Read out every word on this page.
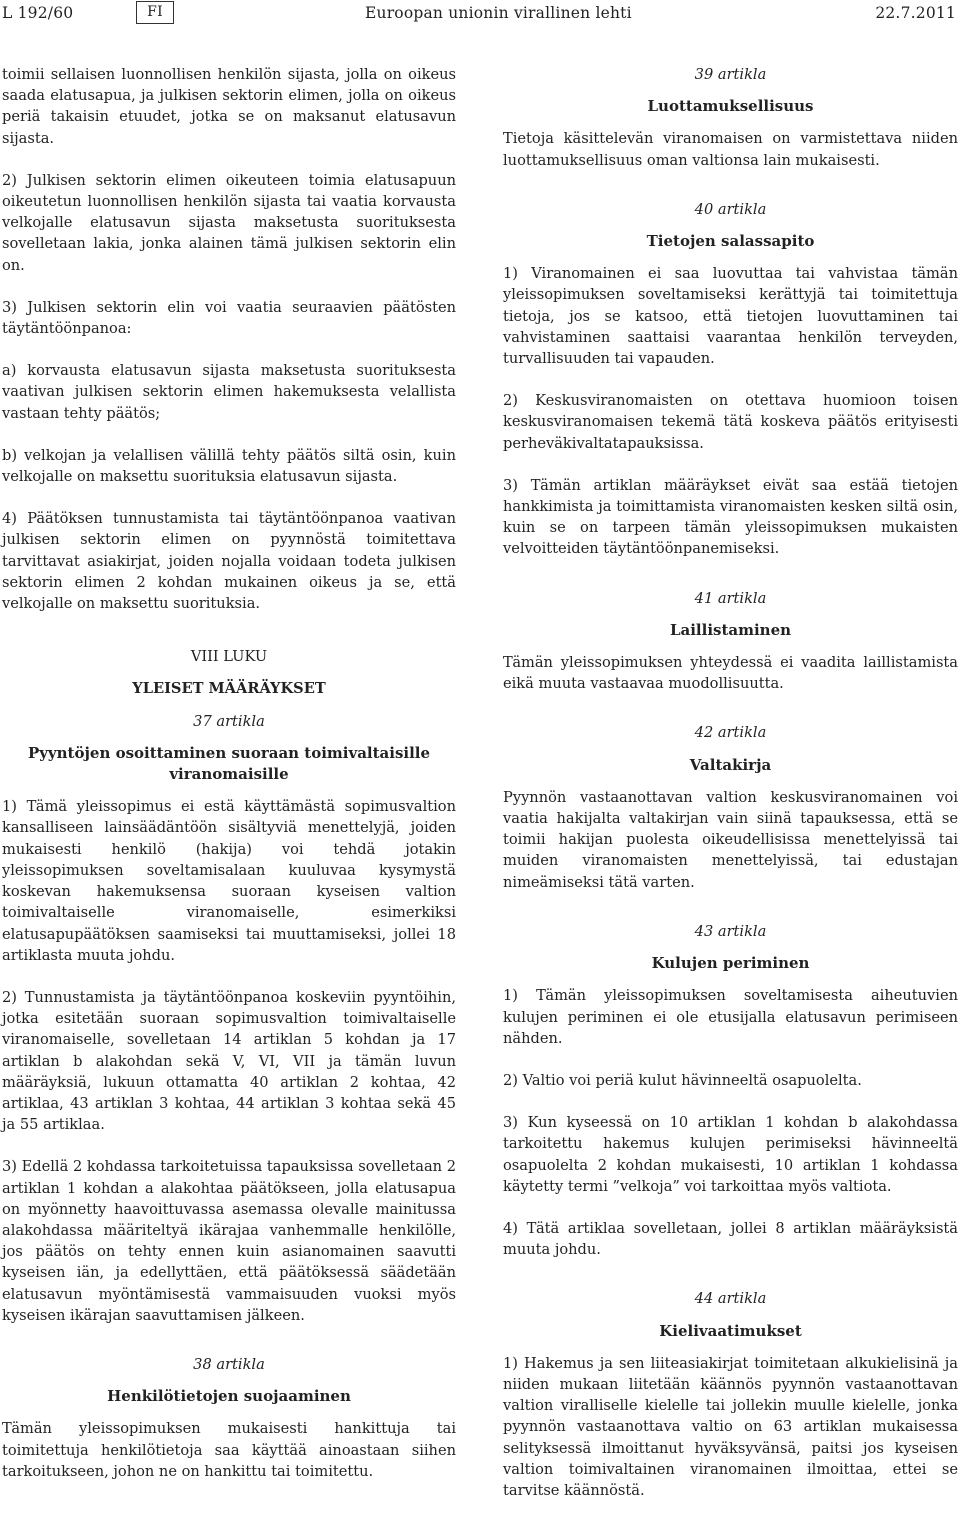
L 192/60	FI	Euroopan unionin virallinen lehti	22.7.2011

toimii sellaisen luonnollisen henkilön sijasta, jolla on oikeus saada elatusapua, ja julkisen sektorin elimen, jolla on oikeus periä takaisin etuudet, jotka se on maksanut elatusavun sijasta.

2) Julkisen sektorin elimen oikeuteen toimia elatusapuun oikeutetun luonnollisen henkilön sijasta tai vaatia korvausta velkojalle elatusavun sijasta maksetusta suorituksesta sovelletaan lakia, jonka alainen tämä julkisen sektorin elin on.

3) Julkisen sektorin elin voi vaatia seuraavien päätösten täytäntöönpanoa:

a) korvausta elatusavun sijasta maksetusta suorituksesta vaativan julkisen sektorin elimen hakemuksesta velallista vastaan tehty päätös;

b) velkojan ja velallisen välillä tehty päätös siltä osin, kuin velkojalle on maksettu suorituksia elatusavun sijasta.

4) Päätöksen tunnustamista tai täytäntöönpanoa vaativan julkisen sektorin elimen on pyynnöstä toimitettava tarvittavat asiakirjat, joiden nojalla voidaan todeta julkisen sektorin elimen 2 kohdan mukainen oikeus ja se, että velkojalle on maksettu suorituksia.

VIII LUKU
YLEISET MÄÄRÄYKSET
37 artikla
Pyyntöjen osoittaminen suoraan toimivaltaisille viranomaisille

1) Tämä yleissopimus ei estä käyttämästä sopimusvaltion kansalliseen lainsäädäntöön sisältyviä menettelyjä, joiden mukaisesti henkilö (hakija) voi tehdä jotakin yleissopimuksen soveltamisalaan kuuluvaa kysymystä koskevan hakemuksensa suoraan kyseisen valtion toimivaltaiselle viranomaiselle, esimerkiksi elatusapupäätöksen saamiseksi tai muuttamiseksi, jollei 18 artiklasta muuta johdu.

2) Tunnustamista ja täytäntöönpanoa koskeviin pyyntöihin, jotka esitetään suoraan sopimusvaltion toimivaltaiselle viranomaiselle, sovelletaan 14 artiklan 5 kohdan ja 17 artiklan b alakohdan sekä V, VI, VII ja tämän luvun määräyksiä, lukuun ottamatta 40 artiklan 2 kohtaa, 42 artiklaa, 43 artiklan 3 kohtaa, 44 artiklan 3 kohtaa sekä 45 ja 55 artiklaa.

3) Edellä 2 kohdassa tarkoitetuissa tapauksissa sovelletaan 2 artiklan 1 kohdan a alakohtaa päätökseen, jolla elatusapua on myönnetty haavoittuvassa asemassa olevalle mainitussa alakohdassa määriteltyä ikärajaa vanhemmalle henkilölle, jos päätös on tehty ennen kuin asianomainen saavutti kyseisen iän, ja edellyttäen, että päätöksessä säädetään elatusavun myöntämisestä vammaisuuden vuoksi myös kyseisen ikärajan saavuttamisen jälkeen.

38 artikla
Henkilötietojen suojaaminen

Tämän yleissopimuksen mukaisesti hankittuja tai toimitettuja henkilötietoja saa käyttää ainoastaan siihen tarkoitukseen, johon ne on hankittu tai toimitettu.

39 artikla
Luottamuksellisuus

Tietoja käsittelevän viranomaisen on varmistettava niiden luottamuksellisuus oman valtionsa lain mukaisesti.

40 artikla
Tietojen salassapito

1) Viranomainen ei saa luovuttaa tai vahvistaa tämän yleissopimuksen soveltamiseksi kerättyjä tai toimitettuja tietoja, jos se katsoo, että tietojen luovuttaminen tai vahvistaminen saattaisi vaarantaa henkilön terveyden, turvallisuuden tai vapauden.

2) Keskusviranomaisten on otettava huomioon toisen keskusviranomaisen tekemä tätä koskeva päätös erityisesti perheväkivaltatapauksissa.

3) Tämän artiklan määräykset eivät saa estää tietojen hankkimista ja toimittamista viranomaisten kesken siltä osin, kuin se on tarpeen tämän yleissopimuksen mukaisten velvoitteiden täytäntöönpanemiseksi.

41 artikla
Laillistaminen

Tämän yleissopimuksen yhteydessä ei vaadita laillistamista eikä muuta vastaavaa muodollisuutta.

42 artikla
Valtakirja

Pyynnön vastaanottavan valtion keskusviranomainen voi vaatia hakijalta valtakirjan vain siinä tapauksessa, että se toimii hakijan puolesta oikeudellisissa menettelyissä tai muiden viranomaisten menettelyissä, tai edustajan nimeämiseksi tätä varten.

43 artikla
Kulujen periminen

1) Tämän yleissopimuksen soveltamisesta aiheutuvien kulujen periminen ei ole etusijalla elatusavun perimiseen nähden.

2) Valtio voi periä kulut hävinneeltä osapuolelta.

3) Kun kyseessä on 10 artiklan 1 kohdan b alakohdassa tarkoitettu hakemus kulujen perimiseksi hävinneeltä osapuolelta 2 kohdan mukaisesti, 10 artiklan 1 kohdassa käytetty termi ”velkoja” voi tarkoittaa myös valtiota.

4) Tätä artiklaa sovelletaan, jollei 8 artiklan määräyksistä muuta johdu.

44 artikla
Kielivaatimukset

1) Hakemus ja sen liiteasiakirjat toimitetaan alkukielisinä ja niiden mukaan liitetään käännös pyynnön vastaanottavan valtion viralliselle kielelle tai jollekin muulle kielelle, jonka pyynnön vastaanottava valtio on 63 artiklan mukaisessa selityksessä ilmoittanut hyväksyvänsä, paitsi jos kyseisen valtion toimivaltainen viranomainen ilmoittaa, ettei se tarvitse käännöstä.
